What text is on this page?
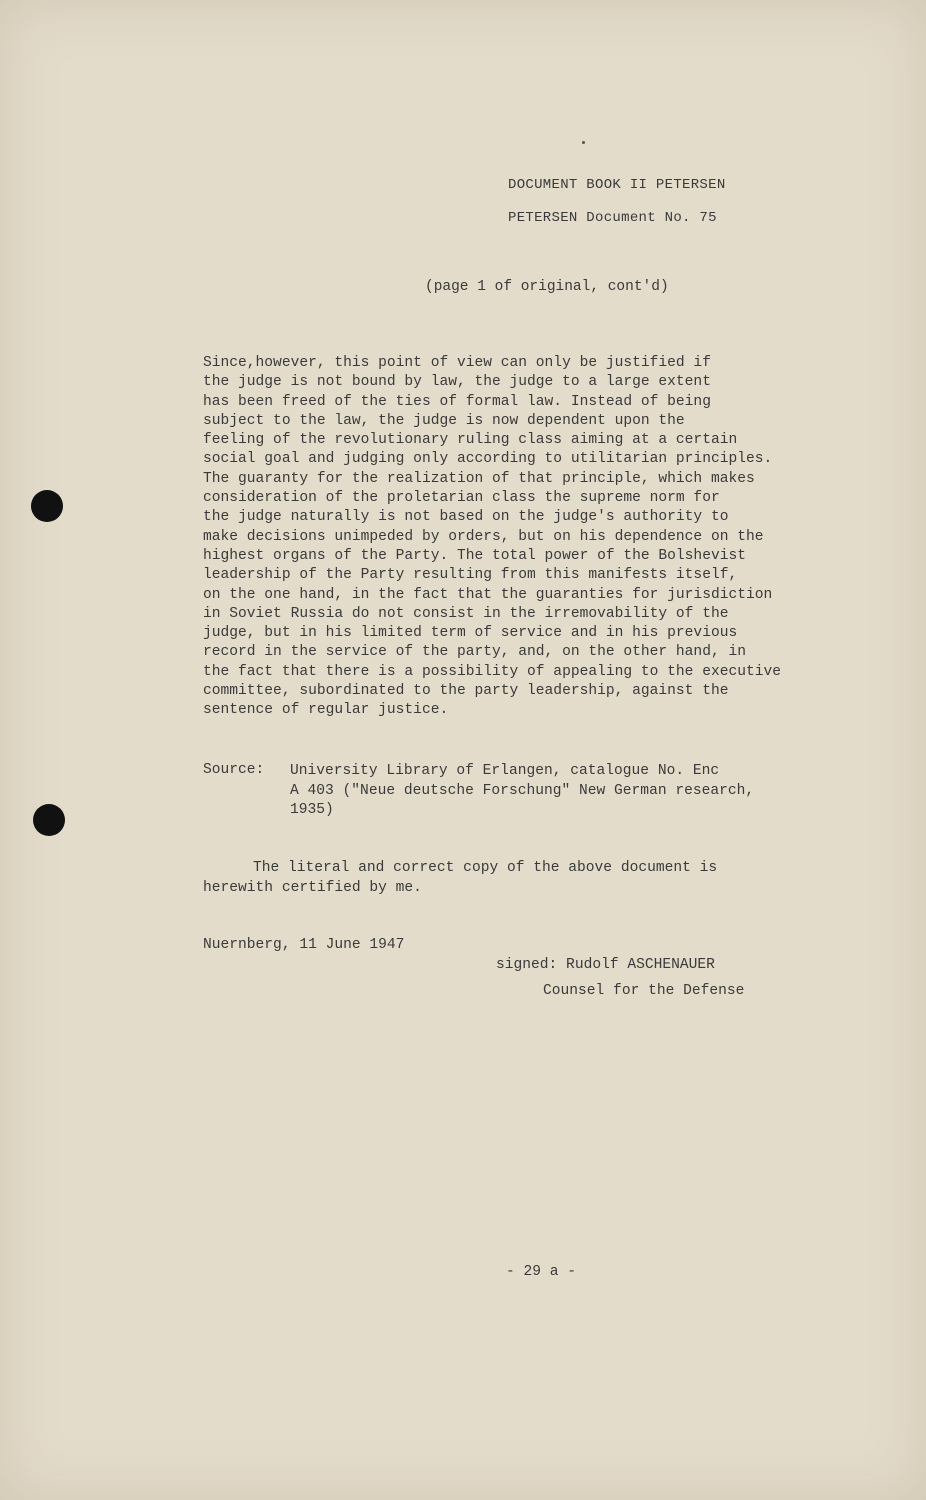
DOCUMENT BOOK II PETERSEN
PETERSEN Document No. 75
(page 1 of original, cont'd)
Since,however, this point of view can only be justified if
the judge is not bound by law, the judge to a large extent
has been freed of the ties of formal law. Instead of being
subject to the law, the judge is now dependent upon the
feeling of the revolutionary ruling class aiming at a certain
social goal and judging only according to utilitarian principles.
The guaranty for the realization of that principle, which makes
consideration of the proletarian class the supreme norm for
the judge naturally is not based on the judge's authority to
make decisions unimpeded by orders, but on his dependence on the
highest organs of the Party. The total power of the Bolshevist
leadership of the Party resulting from this manifests itself,
on the one hand, in the fact that the guaranties for jurisdiction
in Soviet Russia do not consist in the irremovability of the
judge, but in his limited term of service and in his previous
record in the service of the party, and, on the other hand, in
the fact that there is a possibility of appealing to the executive
committee, subordinated to the party leadership, against the
sentence of regular justice.
Source: University Library of Erlangen, catalogue No. Enc
A 403 ("Neue deutsche Forschung" New German research,
1935)
The literal and correct copy of the above document is
herewith certified by me.
Nuernberg, 11 June 1947
signed: Rudolf ASCHENAUER
Counsel for the Defense
- 29 a -
